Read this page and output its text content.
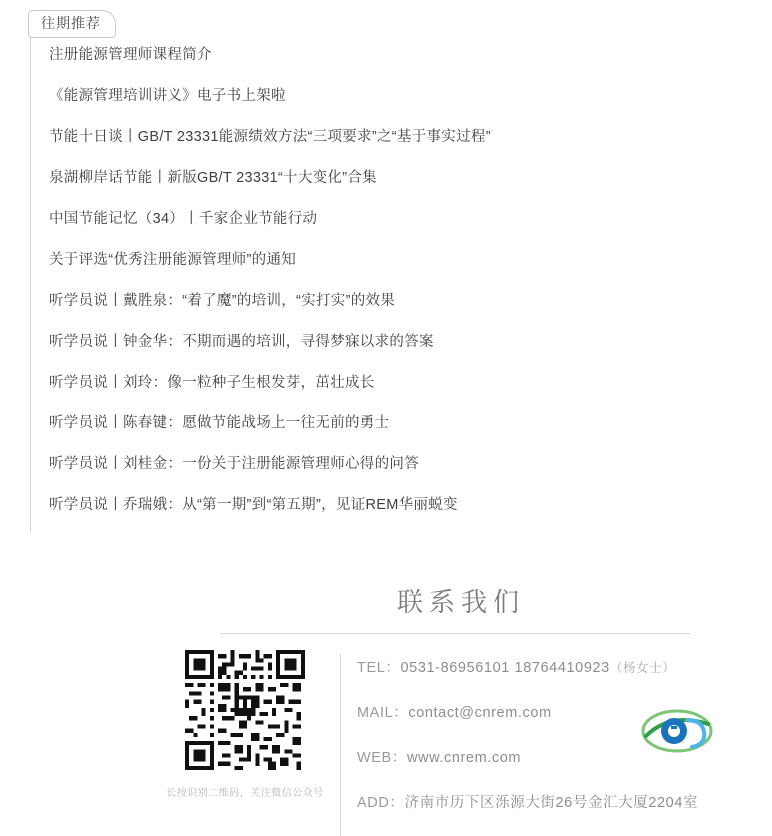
往期推荐
注册能源管理师课程简介
《能源管理培训讲义》电子书上架啦
节能十日谈丨GB/T 23331能源绩效方法“三项要求”之“基于事实过程”
泉湖柳岸话节能丨新版GB/T 23331“十大变化”合集
中国节能记忆（34）丨千家企业节能行动
关于评选“优秀注册能源管理师”的通知
听学员说丨戴胜泉：“着了魔”的培训，“实打实”的效果
听学员说丨钟金华：不期而遇的培训，寻得梦寐以求的答案
听学员说丨刘玲：像一粒种子生根发芽，茁壮成长
听学员说丨陈春键：愿做节能战场上一往无前的勇士
听学员说丨刘桂金：一份关于注册能源管理师心得的问答
听学员说丨乔瑞娥：从“第一期”到“第五期”，见证REM华丽蜕变
联系我们
长按识别二维码，关注微信公众号
TEL：0531-86956101 18764410923（杨女士）
MAIL：contact@cnrem.com
WEB：www.cnrem.com
ADD：济南市历下区泺源大街26号金汇大厦2204室
